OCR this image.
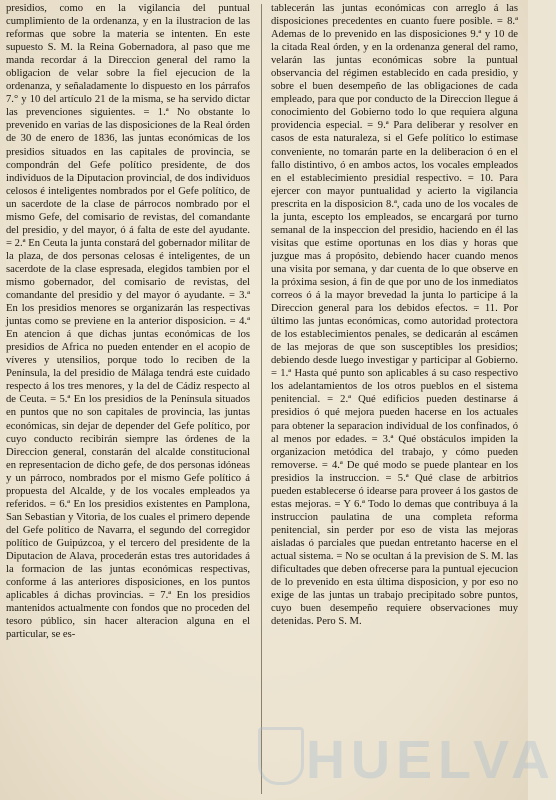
presidios, como en la vigilancia del puntual cumplimiento de la ordenanza, y en la ilustracion de las reformas que sobre la materia se intenten. En este supuesto S. M. la Reina Gobernadora, al paso que me manda recordar á la Direccion general del ramo la obligacion de velar sobre la fiel ejecucion de la ordenanza, y señaladamente lo dispuesto en los párrafos 7.° y 10 del artículo 21 de la misma, se ha servido dictar las prevenciones siguientes. = 1.ª No obstante lo prevenido en varias de las disposiciones de la Real órden de 30 de enero de 1836, las juntas económicas de los presidios situados en las capitales de provincia, se compondrán del Gefe político presidente, de dos individuos de la Diputacion provincial, de dos individuos celosos é inteligentes nombrados por el Gefe político, de un sacerdote de la clase de párrocos nombrado por el mismo Gefe, del comisario de revistas, del comandante del presidio, y del mayor, ó á falta de este del ayudante. = 2.ª En Ceuta la junta constará del gobernador militar de la plaza, de dos personas celosas é inteligentes, de un sacerdote de la clase espresada, elegidos tambien por el mismo gobernador, del comisario de revistas, del comandante del presidio y del mayor ó ayudante. = 3.ª En los presidios menores se organizarán las respectivas juntas como se previene en la anterior disposicion. = 4.ª En atencion á que dichas juntas económicas de los presidios de Africa no pueden entender en el acopio de víveres y utensilios, porque todo lo reciben de la Península, la del presidio de Málaga tendrá este cuidado respecto á los tres menores, y la del de Cádiz respecto al de Ceuta. = 5.ª En los presidios de la Península situados en puntos que no son capitales de provincia, las juntas económicas, sin dejar de depender del Gefe político, por cuyo conducto recibirán siempre las órdenes de la Direccion general, constarán del alcalde constitucional en representacion de dicho gefe, de dos personas idóneas y un párroco, nombrados por el mismo Gefe político á propuesta del Alcalde, y de los vocales empleados ya referidos. = 6.ª En los presidios existentes en Pamplona, San Sebastian y Vitoria, de los cuales el primero depende del Gefe político de Navarra, el segundo del corregidor político de Guipúzcoa, y el tercero del presidente de la Diputacion de Alava, procederán estas tres autoridades á la formacion de las juntas económicas respectivas, conforme á las anteriores disposiciones, en los puntos aplicables á dichas provincias. = 7.ª En los presidios mantenidos actualmente con fondos que no proceden del tesoro público, sin hacer alteracion alguna en el particular, se es-

tablecerán las juntas económicas con arreglo á las disposiciones precedentes en cuanto fuere posible. = 8.ª Ademas de lo prevenido en las disposiciones 9.ª y 10 de la citada Real órden, y en la ordenanza general del ramo, velarán las juntas económicas sobre la puntual observancia del régimen establecido en cada presidio, y sobre el buen desempeño de las obligaciones de cada empleado, para que por conducto de la Direccion llegue á conocimiento del Gobierno todo lo que requiera alguna providencia especial. = 9.ª Para deliberar y resolver en casos de esta naturaleza, si el Gefe político lo estimase conveniente, no tomarán parte en la deliberacion ó en el fallo distintivo, ó en ambos actos, los vocales empleados en el establecimiento presidial respectivo. = 10. Para ejercer con mayor puntualidad y acierto la vigilancia prescrita en la disposicion 8.ª, cada uno de los vocales de la junta, escepto los empleados, se encargará por turno semanal de la inspeccion del presidio, haciendo en él las visitas que estime oportunas en los dias y horas que juzgue mas á propósito, debiendo hacer cuando menos una visita por semana, y dar cuenta de lo que observe en la próxima sesion, á fin de que por uno de los inmediatos correos ó á la mayor brevedad la junta lo participe á la Direccion general para los debidos efectos. = 11. Por último las juntas económicas, como autoridad protectora de los establecimientos penales, se dedicarán al escámen de las mejoras de que son susceptibles los presidios; debiendo desde luego investigar y participar al Gobierno. = 1.ª Hasta qué punto son aplicables á su caso respectivo los adelantamientos de los otros pueblos en el sistema penitencial. = 2.ª Qué edificios pueden destinarse á presidios ó qué mejora pueden hacerse en los actuales para obtener la separacion individual de los confinados, ó al menos por edades. = 3.ª Qué obstáculos impiden la organizacion metódica del trabajo, y cómo pueden removerse. = 4.ª De qué modo se puede plantear en los presidios la instruccion. = 5.ª Qué clase de arbitrios pueden establecerse ó idearse para proveer á los gastos de estas mejoras. = Y 6.ª Todo lo demas que contribuya á la instruccion paulatina de una completa reforma penitencial, sin perder por eso de vista las mejoras aisladas ó parciales que puedan entretanto hacerse en el actual sistema. = No se ocultan á la prevision de S. M. las dificultades que deben ofrecerse para la puntual ejecucion de lo prevenido en esta última disposicion, y por eso no exige de las juntas un trabajo precipitado sobre puntos, cuyo buen desempeño requiere observaciones muy detenidas. Pero S. M.

HUELVA
